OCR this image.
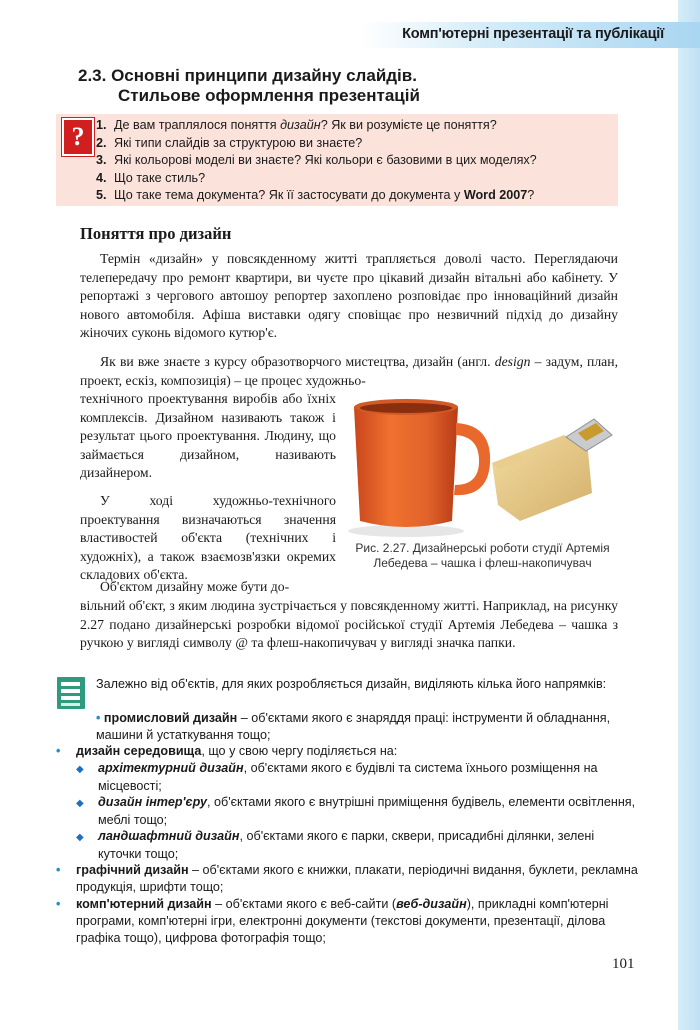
Комп'ютерні презентації та публікації
2.3. Основні принципи дизайну слайдів.
Стильове оформлення презентацій
? 1. Де вам траплялося поняття дизайн? Як ви розумієте це поняття?
2. Які типи слайдів за структурою ви знаєте?
3. Які кольорові моделі ви знаєте? Які кольори є базовими в цих моделях?
4. Що таке стиль?
5. Що таке тема документа? Як її застосувати до документа у Word 2007?
Поняття про дизайн
Термін «дизайн» у повсякденному житті трапляється доволі часто. Переглядаючи телепередачу про ремонт квартири, ви чуєте про цікавий дизайн вітальні або кабінету. У репортажі з чергового автошоу репортер захоплено розповідає про інноваційний дизайн нового автомобіля. Афіша виставки одягу сповіщає про незвичний підхід до дизайну жіночих суконь відомого кутюр'є.
Як ви вже знаєте з курсу образотворчого мистецтва, дизайн (англ. design – задум, план, проект, ескіз, композиція) – це процес художньо-
технічного проектування виробів або їхніх комплексів. Дизайном називають також і результат цього проектування. Людину, що займається дизайном, називають дизайнером.
У ході художньо-технічного проектування визначаються значення властивостей об'єкта (технічних і художніх), а також взаємозв'язки окремих складових об'єкта.
Об'єктом дизайну може бути до-
вільний об'єкт, з яким людина зустрічається у повсякденному житті. Наприклад, на рисунку 2.27 подано дизайнерські розробки відомої російської студії Артемія Лебедева – чашка з ручкою у вигляді символу @ та флеш-накопичувач у вигляді значка папки.
Рис. 2.27. Дизайнерські роботи студії Артемія Лебедева – чашка і флеш-накопичувач
Залежно від об'єктів, для яких розробляється дизайн, виділяють кілька його напрямків:
• промисловий дизайн – об'єктами якого є знаряддя праці: інструменти й обладнання, машини й устаткування тощо;
• дизайн середовища, що у свою чергу поділяється на:
◆ архітектурний дизайн, об'єктами якого є будівлі та система їхнього розміщення на місцевості;
◆ дизайн інтер'єру, об'єктами якого є внутрішні приміщення будівель, елементи освітлення, меблі тощо;
◆ ландшафтний дизайн, об'єктами якого є парки, сквери, присадибні ділянки, зелені куточки тощо;
• графічний дизайн – об'єктами якого є книжки, плакати, періодичні видання, буклети, рекламна продукція, шрифти тощо;
• комп'ютерний дизайн – об'єктами якого є веб-сайти (веб-дизайн), прикладні комп'ютерні програми, комп'ютерні ігри, електронні документи (текстові документи, презентації, ділова графіка тощо), цифрова фотографія тощо;
101
